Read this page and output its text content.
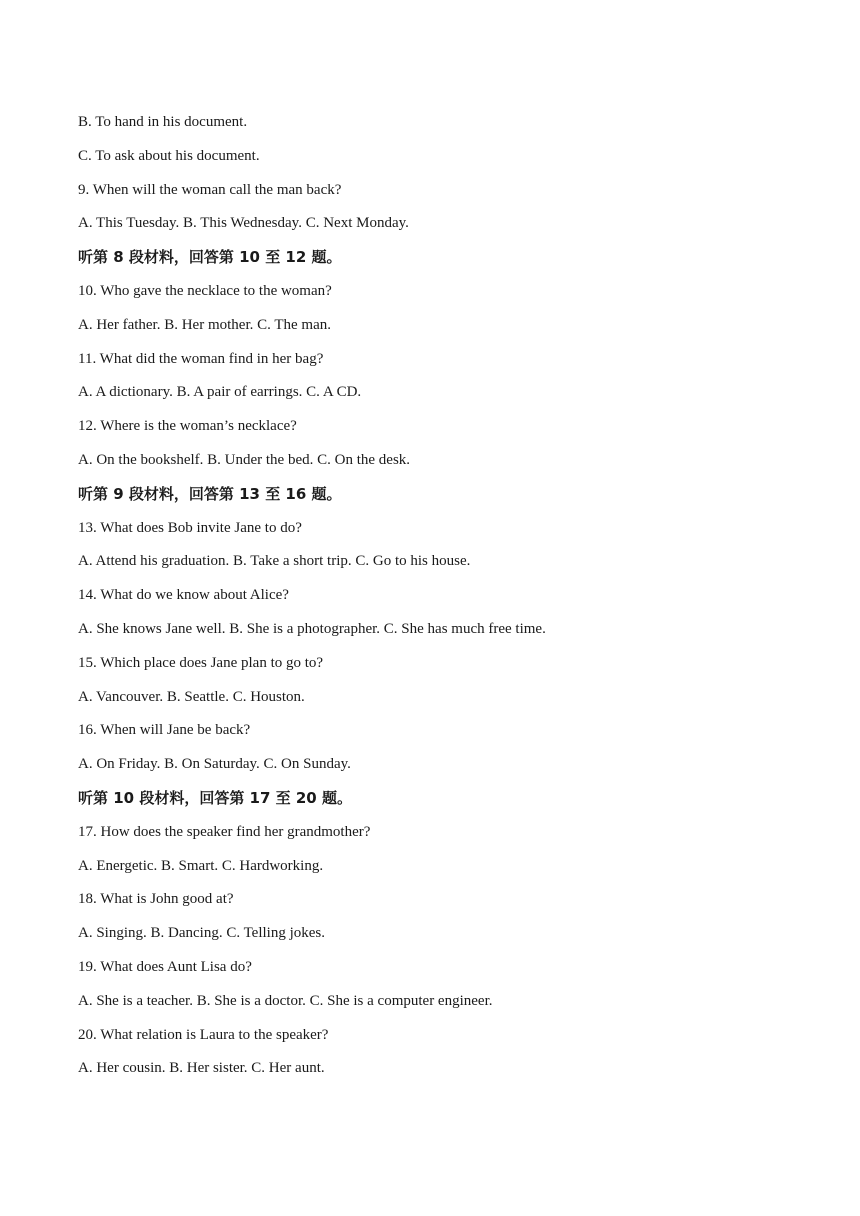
B. To hand in his document.
C. To ask about his document.
9. When will the woman call the man back?
A. This Tuesday. B. This Wednesday. C. Next Monday.
听第 8 段材料，回答第 10 至 12 题。
10. Who gave the necklace to the woman?
A. Her father. B. Her mother. C. The man.
11. What did the woman find in her bag?
A. A dictionary. B. A pair of earrings. C. A CD.
12. Where is the woman’s necklace?
A. On the bookshelf. B. Under the bed. C. On the desk.
听第 9 段材料，回答第 13 至 16 题。
13. What does Bob invite Jane to do?
A. Attend his graduation. B. Take a short trip. C. Go to his house.
14. What do we know about Alice?
A. She knows Jane well. B. She is a photographer. C. She has much free time.
15. Which place does Jane plan to go to?
A. Vancouver. B. Seattle. C. Houston.
16. When will Jane be back?
A. On Friday. B. On Saturday. C. On Sunday.
听第 10 段材料，回答第 17 至 20 题。
17. How does the speaker find her grandmother?
A. Energetic. B. Smart. C. Hardworking.
18. What is John good at?
A. Singing. B. Dancing. C. Telling jokes.
19. What does Aunt Lisa do?
A. She is a teacher. B. She is a doctor. C. She is a computer engineer.
20. What relation is Laura to the speaker?
A. Her cousin. B. Her sister. C. Her aunt.
